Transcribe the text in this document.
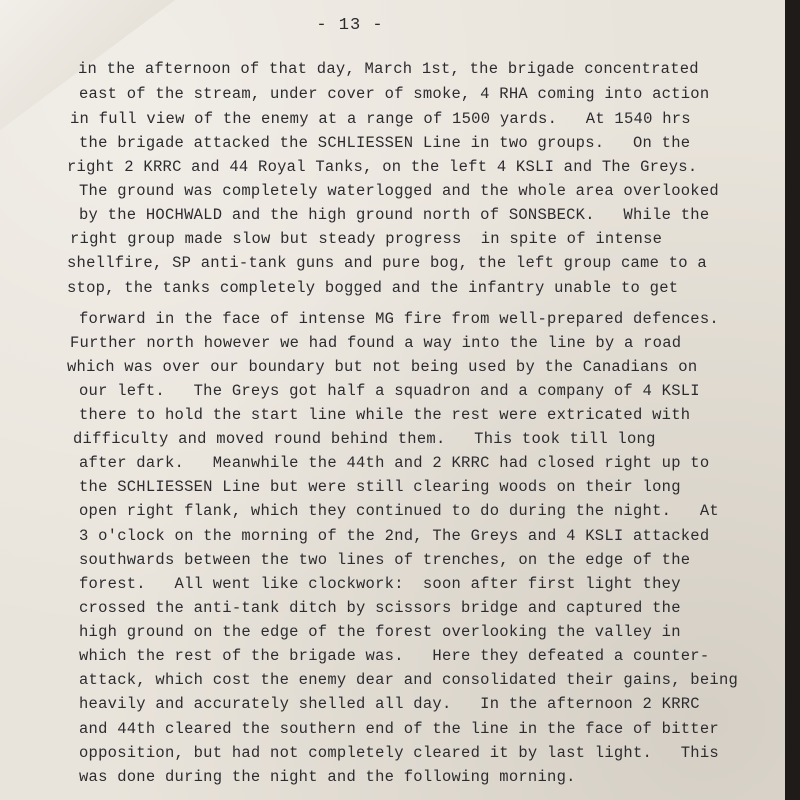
- 13 -
in the afternoon of that day, March 1st, the brigade concentrated
east of the stream, under cover of smoke, 4 RHA coming into action
in full view of the enemy at a range of 1500 yards.   At 1540 hrs
the brigade attacked the SCHLIESSEN Line in two groups.   On the
right 2 KRRC and 44 Royal Tanks, on the left 4 KSLI and The Greys.
The ground was completely waterlogged and the whole area overlooked
by the HOCHWALD and the high ground north of SONSBECK.   While the
right group made slow but steady progress  in spite of intense
shellfire, SP anti-tank guns and pure bog, the left group came to a
stop, the tanks completely bogged and the infantry unable to get
forward in the face of intense MG fire from well-prepared defences.
Further north however we had found a way into the line by a road
which was over our boundary but not being used by the Canadians on
our left.   The Greys got half a squadron and a company of 4 KSLI
there to hold the start line while the rest were extricated with
difficulty and moved round behind them.   This took till long
after dark.   Meanwhile the 44th and 2 KRRC had closed right up to
the SCHLIESSEN Line but were still clearing woods on their long
open right flank, which they continued to do during the night.   At
3 o'clock on the morning of the 2nd, The Greys and 4 KSLI attacked
southwards between the two lines of trenches, on the edge of the
forest.   All went like clockwork:  soon after first light they
crossed the anti-tank ditch by scissors bridge and captured the
high ground on the edge of the forest overlooking the valley in
which the rest of the brigade was.   Here they defeated a counter-
attack, which cost the enemy dear and consolidated their gains, being
heavily and accurately shelled all day.   In the afternoon 2 KRRC
and 44th cleared the southern end of the line in the face of bitter
opposition, but had not completely cleared it by last light.   This
was done during the night and the following morning.
